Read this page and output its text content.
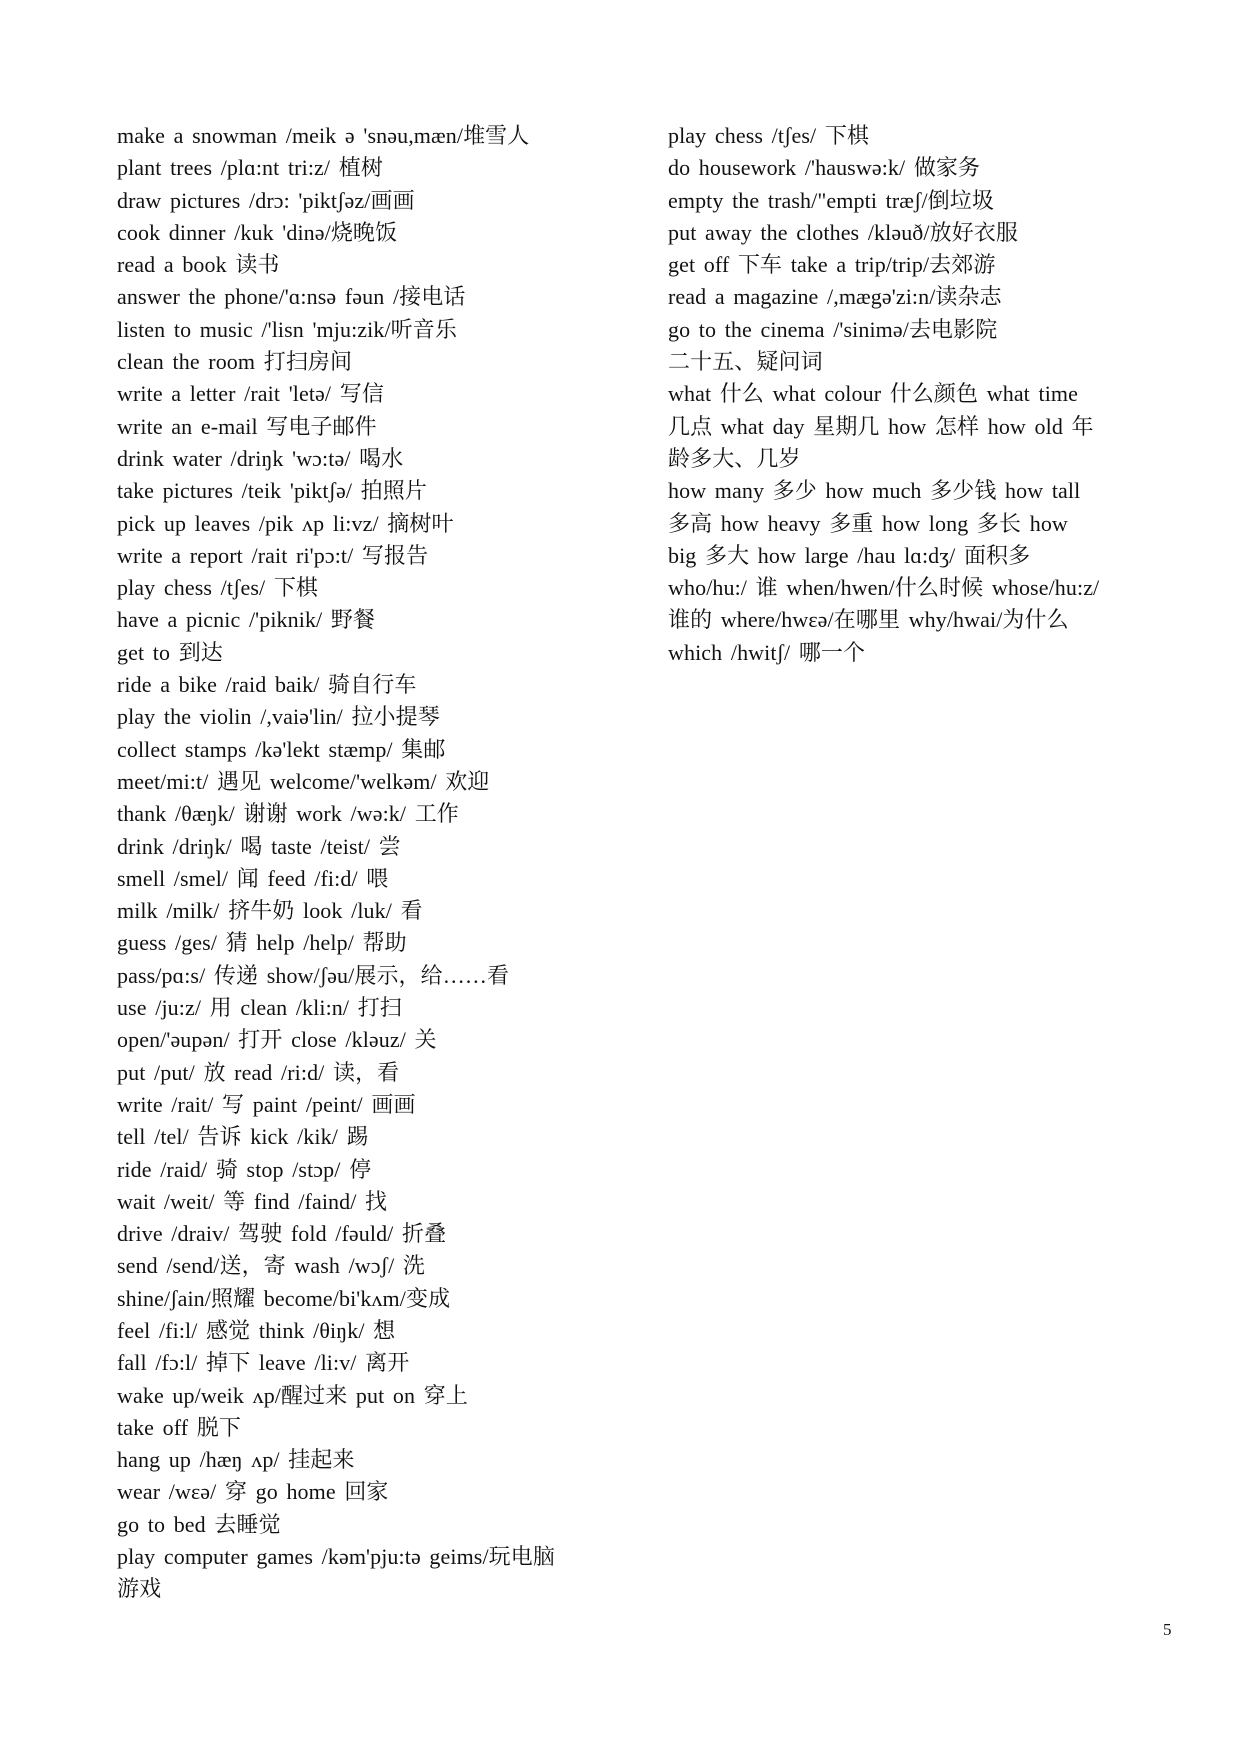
make a snowman /meik ə 'snəu,mæn/堆雪人
plant trees /plɑ:nt tri:z/ 植树
draw pictures /drɔ: 'piktʃəz/画画
cook dinner /kuk 'dinə/烧晚饭
read a book 读书
answer the phone/'ɑ:nsə fəun /接电话
listen to music /'lisn 'mju:zik/听音乐
clean the room 打扫房间
write a letter /rait 'letə/ 写信
write an e-mail 写电子邮件
drink water /driŋk 'wɔ:tə/ 喝水
take pictures /teik 'piktʃə/ 拍照片
pick up leaves /pik ʌp li:vz/ 摘树叶
write a report /rait ri'pɔ:t/ 写报告
play chess /tʃes/ 下棋
have a picnic /'piknik/ 野餐
get to 到达
ride a bike /raid baik/ 骑自行车
play the violin /,vaiə'lin/ 拉小提琴
collect stamps /kə'lekt stæmp/ 集邮
meet/mi:t/ 遇见 welcome/'welkəm/ 欢迎
thank /θæŋk/ 谢谢 work /wə:k/ 工作
drink /driŋk/ 喝 taste /teist/ 尝
smell /smel/ 闻 feed /fi:d/ 喂
milk /milk/ 挤牛奶 look /luk/ 看
guess /ges/ 猜 help /help/ 帮助
pass/pɑ:s/ 传递 show/ʃəu/展示，给……看
use /ju:z/ 用 clean /kli:n/ 打扫
open/'əupən/ 打开 close /kləuz/ 关
put /put/ 放 read /ri:d/ 读，看
write /rait/ 写 paint /peint/ 画画
tell /tel/ 告诉 kick /kik/ 踢
ride /raid/ 骑 stop /stɔp/ 停
wait /weit/ 等 find /faind/ 找
drive /draiv/ 驾驶 fold /fəuld/ 折叠
send /send/送，寄 wash /wɔʃ/ 洗
shine/ʃain/照耀 become/bi'kʌm/变成
feel /fi:l/ 感觉 think /θiŋk/ 想
fall /fɔ:l/ 掉下 leave /li:v/ 离开
wake up/weik ʌp/醒过来 put on 穿上
take off 脱下
hang up /hæŋ ʌp/ 挂起来
wear /wεə/ 穿 go home 回家
go to bed 去睡觉
play computer games /kəm'pju:tə geims/玩电脑
游戏
play chess /tʃes/ 下棋
do housework /'hauswə:k/ 做家务
empty the trash/"empti træʃ/倒垃圾
put away the clothes /kləuð/放好衣服
get off 下车 take a trip/trip/去郊游
read a magazine /,mægə'zi:n/读杂志
go to the cinema /'sinimə/去电影院
二十五、疑问词
what 什么 what colour 什么颜色 what time
几点 what day 星期几 how 怎样 how old 年
龄多大、几岁
how many 多少 how much 多少钱 how tall
多高 how heavy 多重 how long 多长 how
big 多大 how large /hau lɑ:dʒ/ 面积多
who/hu:/ 谁 when/hwen/什么时候 whose/hu:z/
谁的 where/hwεə/在哪里 why/hwai/为什么
which /hwitʃ/ 哪一个
5
